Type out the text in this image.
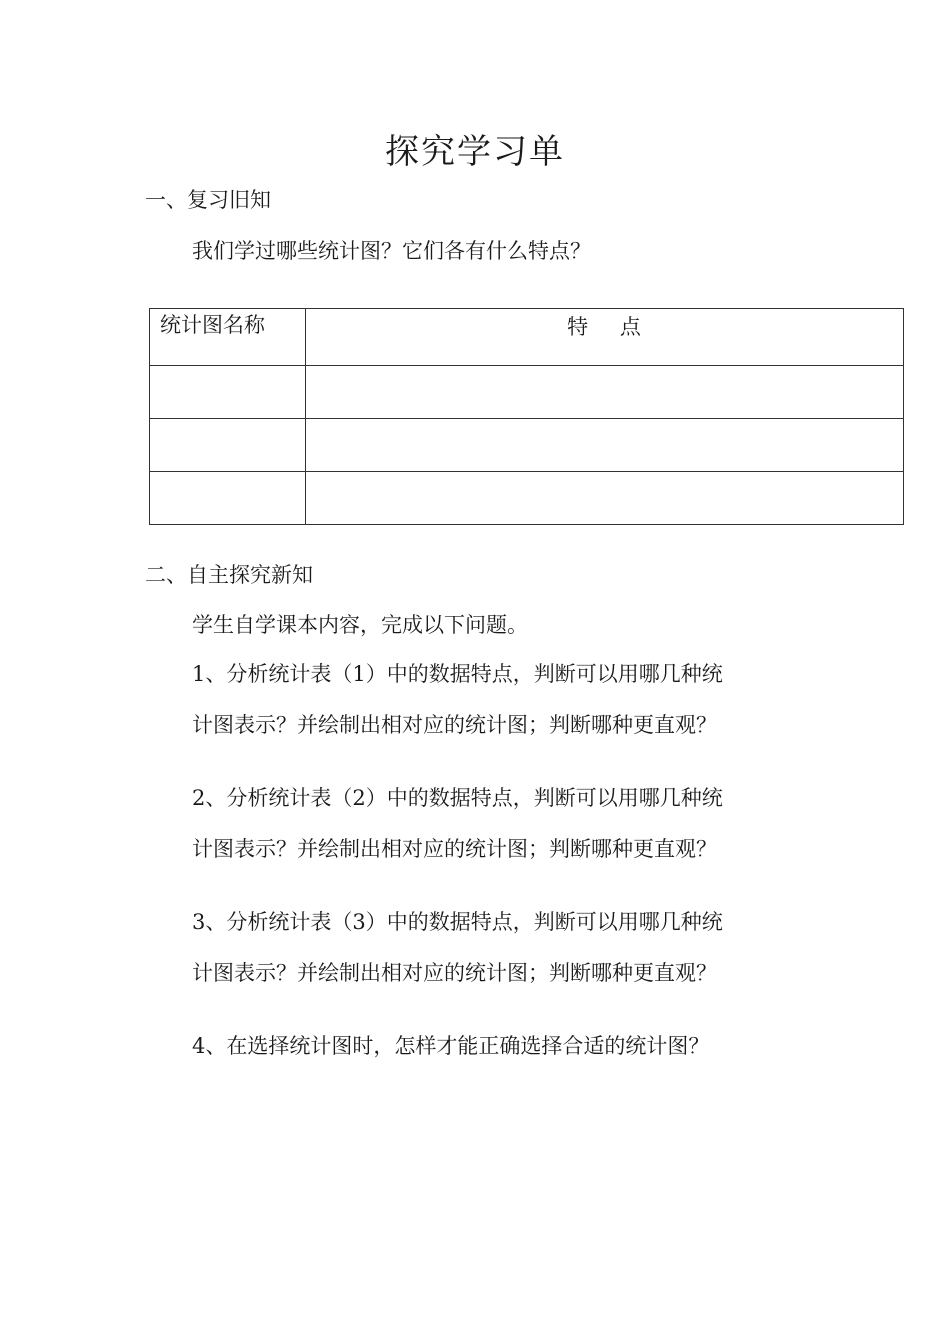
探究学习单
一、复习旧知
我们学过哪些统计图？它们各有什么特点？
统计图名称	特    点

二、自主探究新知
学生自学课本内容，完成以下问题。
1、分析统计表（1）中的数据特点，判断可以用哪几种统
计图表示？并绘制出相对应的统计图；判断哪种更直观？
2、分析统计表（2）中的数据特点，判断可以用哪几种统
计图表示？并绘制出相对应的统计图；判断哪种更直观？
3、分析统计表（3）中的数据特点，判断可以用哪几种统
计图表示？并绘制出相对应的统计图；判断哪种更直观？
4、在选择统计图时，怎样才能正确选择合适的统计图？
